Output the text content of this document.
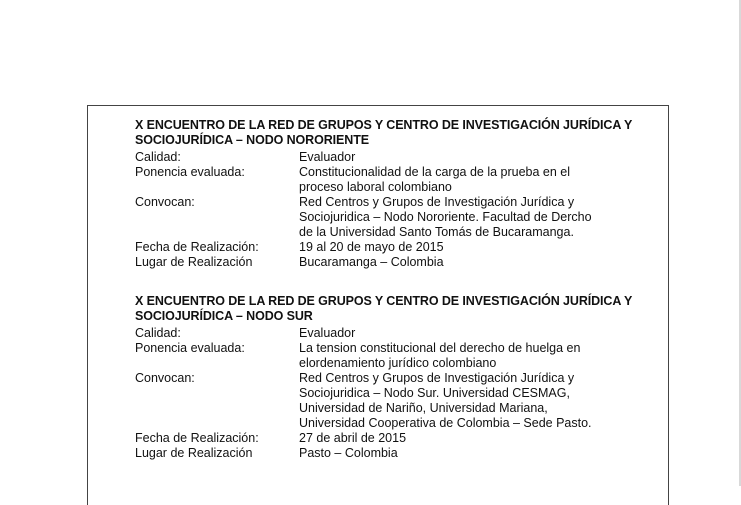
X ENCUENTRO DE LA RED DE GRUPOS Y CENTRO DE INVESTIGACIÓN JURÍDICA Y
SOCIOJURÍDICA – NODO NORORIENTE
Calidad:	Evaluador
Ponencia evaluada:	Constitucionalidad de la carga de la prueba en el
proceso laboral colombiano
Convocan:	Red Centros y Grupos de Investigación Jurídica y
Sociojuridica – Nodo Nororiente. Facultad de Dercho
de la Universidad Santo Tomás de Bucaramanga.
Fecha de Realización:	19 al 20 de mayo de 2015
Lugar de Realización	Bucaramanga – Colombia
X ENCUENTRO DE LA RED DE GRUPOS Y CENTRO DE INVESTIGACIÓN JURÍDICA Y
SOCIOJURÍDICA – NODO SUR
Calidad:	Evaluador
Ponencia evaluada:	La tension constitucional del derecho de huelga en
elordenamiento jurídico colombiano
Convocan:	Red Centros y Grupos de Investigación Jurídica y
Sociojuridica – Nodo Sur. Universidad CESMAG,
Universidad de Nariño, Universidad Mariana,
Universidad Cooperativa de Colombia – Sede Pasto.
Fecha de Realización:	27 de abril de 2015
Lugar de Realización	Pasto – Colombia
